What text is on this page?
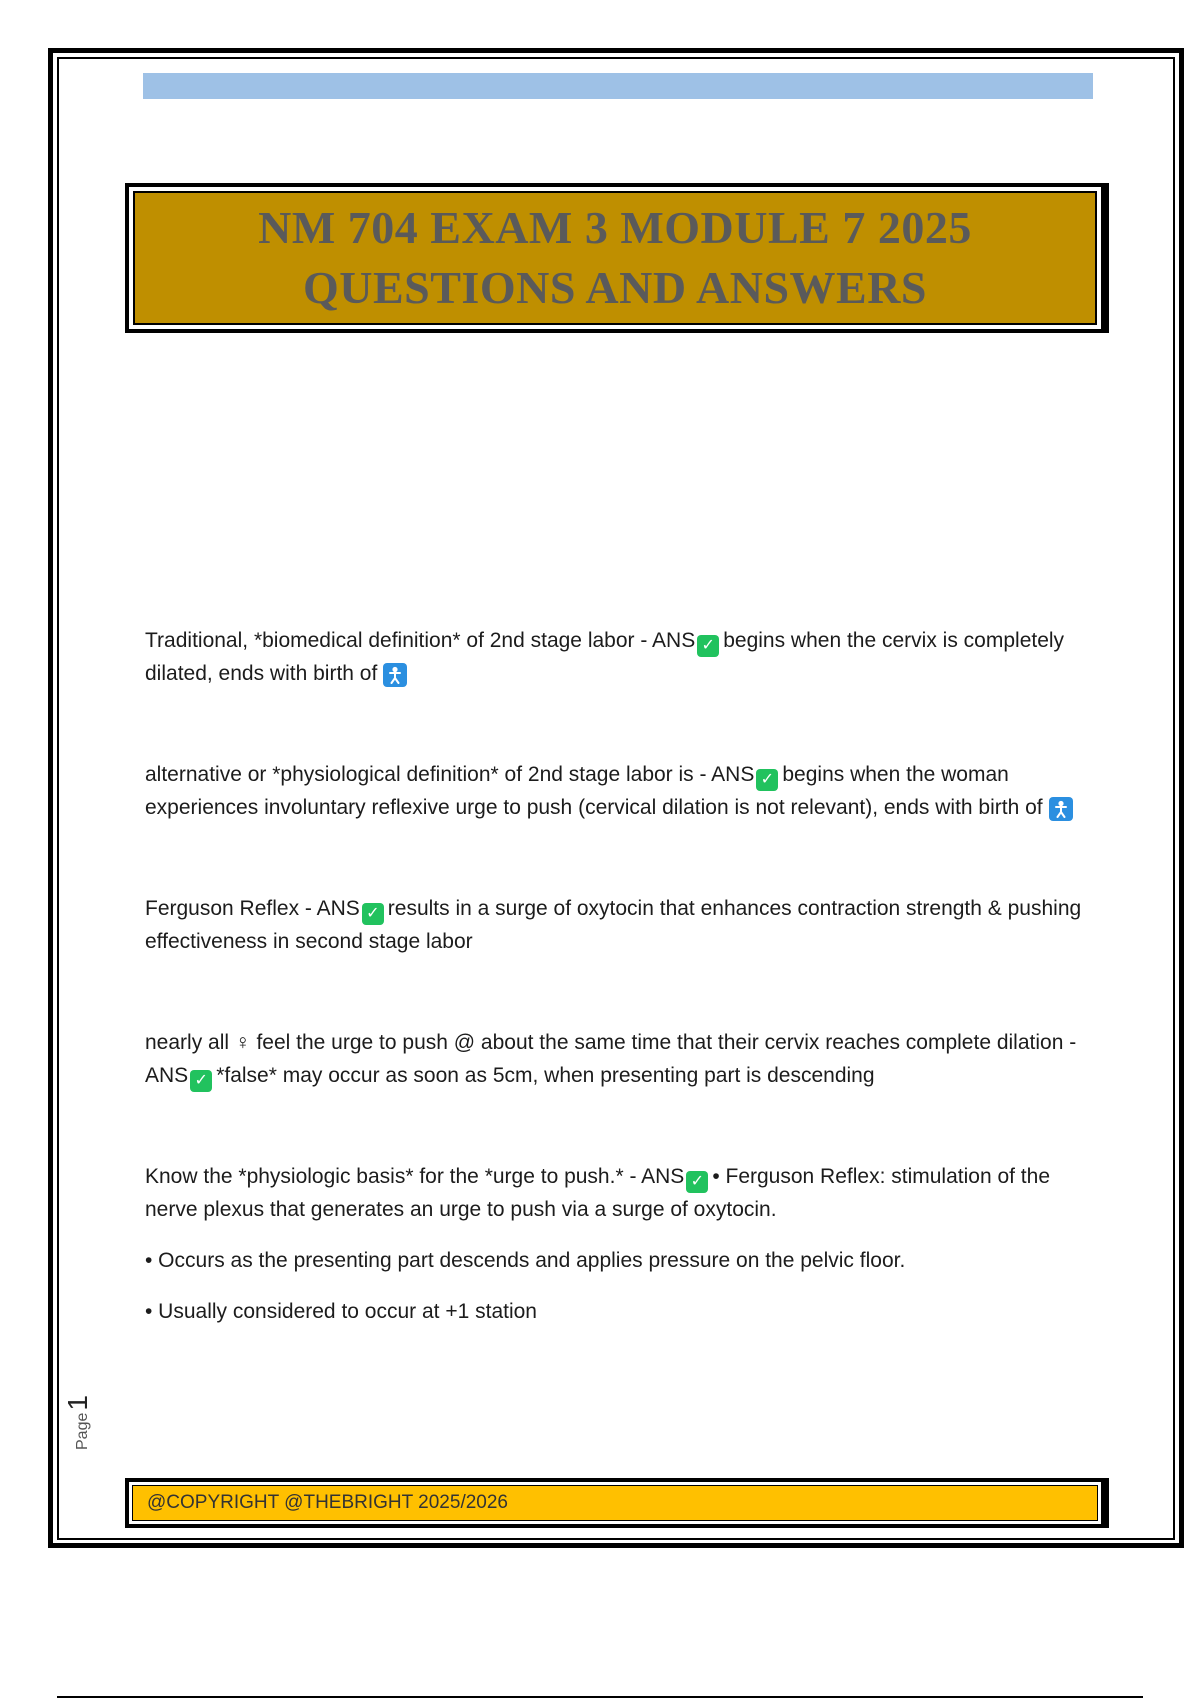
NM 704 EXAM 3 MODULE 7 2025
QUESTIONS AND ANSWERS

Traditional, *biomedical definition* of 2nd stage labor - ANS ✓ begins when the cervix is completely dilated, ends with birth of

alternative or *physiological definition* of 2nd stage labor is - ANS ✓ begins when the woman experiences involuntary reflexive urge to push (cervical dilation is not relevant), ends with birth of

Ferguson Reflex - ANS ✓ results in a surge of oxytocin that enhances contraction strength & pushing effectiveness in second stage labor

nearly all ♀ feel the urge to push @ about the same time that their cervix reaches complete dilation - ANS ✓ *false* may occur as soon as 5cm, when presenting part is descending

Know the *physiologic basis* for the *urge to push.* - ANS ✓ • Ferguson Reflex: stimulation of the nerve plexus that generates an urge to push via a surge of oxytocin.
• Occurs as the presenting part descends and applies pressure on the pelvic floor.
• Usually considered to occur at +1 station
Page
1
@COPYRIGHT @THEBRIGHT 2025/2026
